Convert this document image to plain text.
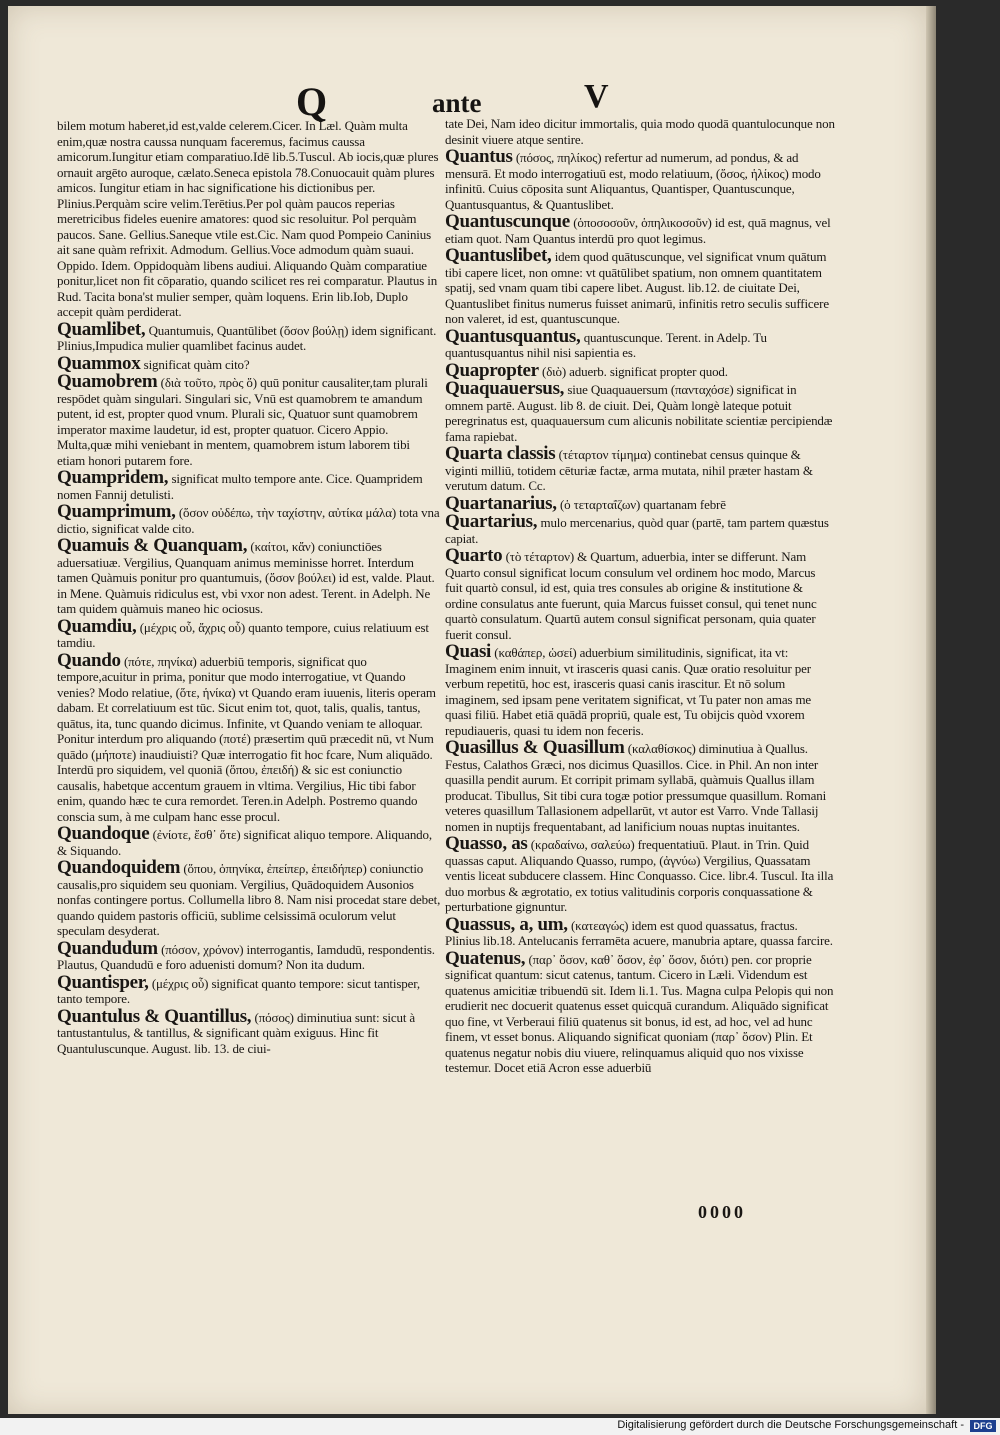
Q	ante	V

bilem motum haberet,id est,valde celerem.Cicer. In Læl. Quàm multa enim,quæ nostra caussa nunquam faceremus, facimus caussa amicorum.Iungitur etiam comparatiuo.Idē lib.5.Tuscul. Ab iocis,quæ plures ornauit argēto auroque, cælato.Seneca epistola 78.Conuocauit quàm plures amicos. Iungitur etiam in hac significatione his dictionibus per. Plinius.Perquàm scire velim.Terētius.Per pol quàm paucos reperias meretricibus fideles euenire amatores: quod sic resoluitur. Pol perquàm paucos. Sane. Gellius.Saneque vtile est.Cic. Nam quod Pompeio Caninius ait sane quàm refrixit. Admodum. Gellius.Voce admodum quàm suaui. Oppido. Idem. Oppidoquàm libens audiui. Aliquando Quàm comparatiue ponitur,licet non fit cōparatio, quando scilicet res rei comparatur. Plautus in Rud. Tacita bona'st mulier semper, quàm loquens. Erin lib.Iob, Duplo accepit quàm perdiderat.

Quamlibet, Quantumuis, Quantūlibet (ὅσον βούλῃ) idem significant. Plinius,Impudica mulier quamlibet facinus audet.

Quammox significat quàm cito?

Quamobrem (διὰ τοῦτο, πρὸς ὅ) quū ponitur causaliter,tam plurali respōdet quàm singulari. Singulari sic, Vnū est quamobrem te amandum putent, id est, propter quod vnum. Plurali sic, Quatuor sunt quamobrem imperator maxime laudetur, id est, propter quatuor. Cicero Appio. Multa,quæ mihi veniebant in mentem, quamobrem istum laborem tibi etiam honori putarem fore.

Quampridem, significat multo tempore ante. Cice. Quampridem nomen Fannij detulisti.

Quamprimum, (ὅσον οὐδέπω, τὴν ταχίστην, αὐτίκα μάλα) tota vna dictio, significat valde cito.

Quamuis & Quanquam, (καίτοι, κἄν) coniunctiōes aduersatiuæ. Vergilius, Quanquam animus meminisse horret. Interdum tamen Quàmuis ponitur pro quantumuis, (ὅσον βούλει) id est, valde. Plaut. in Mene. Quàmuis ridiculus est, vbi vxor non adest. Terent. in Adelph. Ne tam quidem quàmuis maneo hic ociosus.

Quamdiu, (μέχρις οὗ, ἄχρις οὗ) quanto tempore, cuius relatiuum est tamdiu.

Quando (πότε, πηνίκα) aduerbiū temporis, significat quo tempore,acuitur in prima, ponitur que modo interrogatiue, vt Quando venies? Modo relatiue, (ὅτε, ἡνίκα) vt Quando eram iuuenis, literis operam dabam. Et correlatiuum est tūc. Sicut enim tot, quot, talis, qualis, tantus, quātus, ita, tunc quando dicimus. Infinite, vt Quando veniam te alloquar. Ponitur interdum pro aliquando (ποτέ) præsertim quū præcedit nū, vt Num quādo (μήποτε) inaudiuisti? Quæ interrogatio fit hoc fcare, Num aliquādo. Interdū pro siquidem, vel quoniā (ὅπου, ἐπειδή) & sic est coniunctio causalis, habetque accentum grauem in vltima. Vergilius, Hic tibi fabor enim, quando hæc te cura remordet. Teren.in Adelph. Postremo quando conscia sum, à me culpam hanc esse procul.

Quandoque (ἐνίοτε, ἔσθ᾽ ὅτε) significat aliquo tempore. Aliquando, & Siquando.

Quandoquidem (ὅπου, ὁπηνίκα, ἐπείπερ, ἐπειδήπερ) coniunctio causalis,pro siquidem seu quoniam. Vergilius, Quādoquidem Ausonios nonfas contingere portus. Collumella libro 8. Nam nisi procedat stare debet, quando quidem pastoris officiū, sublime celsissimā oculorum velut speculam desyderat.

Quandudum (πόσον, χρόνον) interrogantis, Iamdudū, respondentis. Plautus, Quandudū e foro aduenisti domum? Non ita dudum.

Quantisper, (μέχρις οὗ) significat quanto tempore: sicut tantisper, tanto tempore.

Quantulus & Quantillus, (πόσος) diminutiua sunt: sicut à tantustantulus, & tantillus, & significant quàm exiguus. Hinc fit Quantuluscunque. August. lib. 13. de ciui-

tate Dei, Nam ideo dicitur immortalis, quia modo quodā quantulocunque non desinit viuere atque sentire.

Quantus (πόσος, πηλίκος) refertur ad numerum, ad pondus, & ad mensurā. Et modo interrogatiuū est, modo relatiuum, (ὅσος, ἡλίκος) modo infinitū. Cuius cōposita sunt Aliquantus, Quantisper, Quantuscunque, Quantusquantus, & Quantuslibet.

Quantuscunque (ὁποσοσοῦν, ὁπηλικοσοῦν) id est, quā magnus, vel etiam quot. Nam Quantus interdū pro quot legimus.

Quantuslibet, idem quod quātuscunque, vel significat vnum quātum tibi capere licet, non omne: vt quātūlibet spatium, non omnem quantitatem spatij, sed vnam quam tibi capere libet. August. lib.12. de ciuitate Dei, Quantuslibet finitus numerus fuisset animarū, infinitis retro seculis sufficere non valeret, id est, quantuscunque.

Quantusquantus, quantuscunque. Terent. in Adelp. Tu quantusquantus nihil nisi sapientia es.

Quapropter (διὸ) aduerb. significat propter quod.

Quaquauersus, siue Quaquauersum (πανταχόσε) significat in omnem partē. August. lib 8. de ciuit. Dei, Quàm longè lateque potuit peregrinatus est, quaquauersum cum alicunis nobilitate scientiæ percipiendæ fama rapiebat.

Quarta classis (τέταρτον τίμημα) continebat census quinque & viginti milliū, totidem cēturiæ factæ, arma mutata, nihil præter hastam & verutum datum. Cc.

Quartanarius, (ὁ τεταρταΐζων) quartanam febrē

Quartarius, mulo mercenarius, quòd quar (partē, tam partem quæstus capiat.

Quarto (τὸ τέταρτον) & Quartum, aduerbia, inter se differunt. Nam Quarto consul significat locum consulum vel ordinem hoc modo, Marcus fuit quartò consul, id est, quia tres consules ab origine & institutione & ordine consulatus ante fuerunt, quia Marcus fuisset consul, qui tenet nunc quartò consulatum. Quartū autem consul significat personam, quia quater fuerit consul.

Quasi (καθάπερ, ὡσεί) aduerbium similitudinis, significat, ita vt: Imaginem enim innuit, vt irasceris quasi canis. Quæ oratio resoluitur per verbum repetitū, hoc est, irasceris quasi canis irascitur. Et nō solum imaginem, sed ipsam pene veritatem significat, vt Tu pater non amas me quasi filiū. Habet etiā quādā propriū, quale est, Tu obijcis quòd vxorem repudiaueris, quasi tu idem non feceris.

Quasillus & Quasillum (καλαθίσκος) diminutiua à Quallus. Festus, Calathos Græci, nos dicimus Quasillos. Cice. in Phil. An non inter quasilla pendit aurum. Et corripit primam syllabā, quàmuis Quallus illam producat. Tibullus, Sit tibi cura togæ potior pressumque quasillum. Romani veteres quasillum Tallasionem adpellarūt, vt autor est Varro. Vnde Tallasij nomen in nuptijs frequentabant, ad lanificium nouas nuptas inuitantes.

Quasso, as (κραδαίνω, σαλεύω) frequentatiuū. Plaut. in Trin. Quid quassas caput. Aliquando Quasso, rumpo, (ἀγνύω) Vergilius, Quassatam ventis liceat subducere classem. Hinc Conquasso. Cice. libr.4. Tuscul. Ita illa duo morbus & ægrotatio, ex totius valitudinis corporis conquassatione & perturbatione gignuntur.

Quassus, a, um, (κατεαγώς) idem est quod quassatus, fractus. Plinius lib.18. Antelucanis ferramēta acuere, manubria aptare, quassa farcire.

Quatenus, (παρ᾽ ὅσον, καθ᾽ ὅσον, ἐφ᾽ ὅσον, διότι) pen. cor proprie significat quantum: sicut catenus, tantum. Cicero in Læli. Videndum est quatenus amicitiæ tribuendū sit. Idem li.1. Tus. Magna culpa Pelopis qui non erudierit nec docuerit quatenus esset quicquā curandum. Aliquādo significat quo fine, vt Verberaui filiū quatenus sit bonus, id est, ad hoc, vel ad hunc finem, vt esset bonus. Aliquando significat quoniam (παρ᾽ ὅσον) Plin. Et quatenus negatur nobis diu viuere, relinquamus aliquid quo nos vixisse testemur. Docet etiā Acron esse aduerbiū

0000
Digitalisierung gefördert durch die Deutsche Forschungsgemeinschaft -	DFG
